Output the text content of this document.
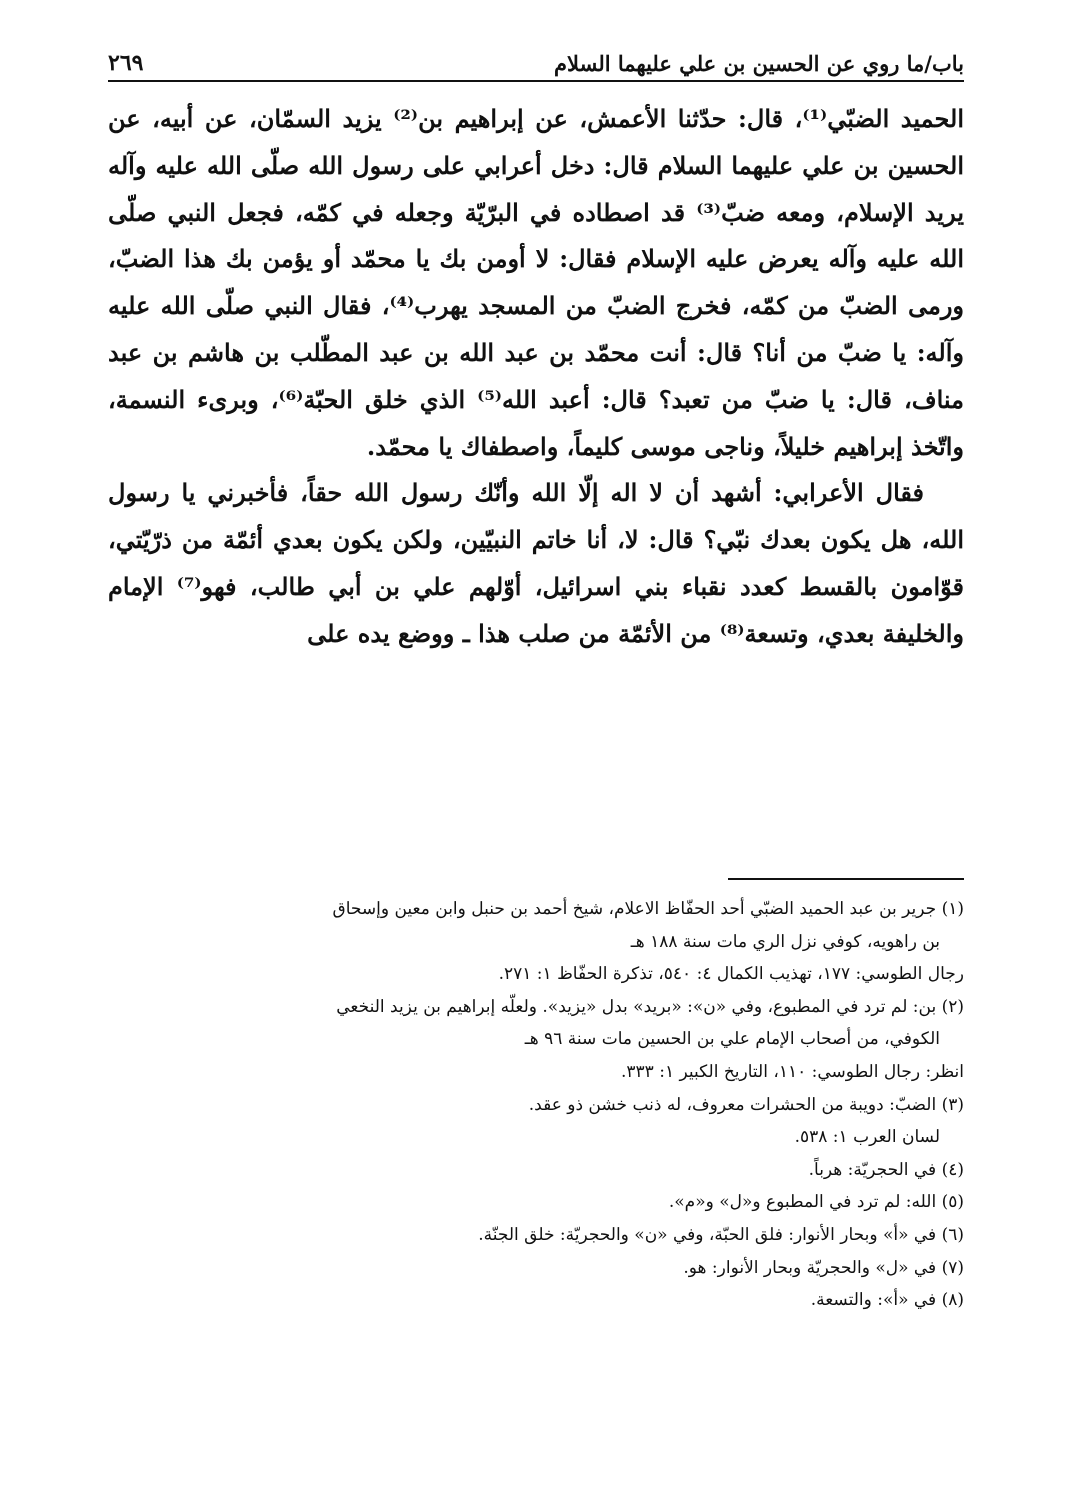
باب/ما روي عن الحسين بن علي عليهما السلام
٢٦٩

الحميد الضبّي⁽¹⁾، قال: حدّثنا الأعمش، عن إبراهيم بن⁽²⁾ يزيد السمّان، عن أبيه، عن الحسين بن علي عليهما السلام قال: دخل أعرابي على رسول الله صلّى الله عليه وآله يريد الإسلام، ومعه ضبّ⁽³⁾ قد اصطاده في البرّيّة وجعله في كمّه، فجعل النبي صلّى الله عليه وآله يعرض عليه الإسلام فقال: لا أومن بك يا محمّد أو يؤمن بك هذا الضبّ، ورمى الضبّ من كمّه، فخرج الضبّ من المسجد يهرب⁽⁴⁾، فقال النبي صلّى الله عليه وآله: يا ضبّ من أنا؟ قال: أنت محمّد بن عبد الله بن عبد المطّلب بن هاشم بن عبد مناف، قال: يا ضبّ من تعبد؟ قال: أعبد الله⁽⁵⁾ الذي خلق الحبّة⁽⁶⁾، وبرىء النسمة، واتّخذ إبراهيم خليلاً، وناجى موسى كليماً، واصطفاك يا محمّد.

فقال الأعرابي: أشهد أن لا اله إلّا الله وأنّك رسول الله حقاً، فأخبرني يا رسول الله، هل يكون بعدك نبّي؟ قال: لا، أنا خاتم النبيّين، ولكن يكون بعدي أئمّة من ذرّيّتي، قوّامون بالقسط كعدد نقباء بني اسرائيل، أوّلهم علي بن أبي طالب، فهو⁽⁷⁾ الإمام والخليفة بعدي، وتسعة⁽⁸⁾ من الأئمّة من صلب هذا ـ ووضع يده على

(١) جرير بن عبد الحميد الضبّي أحد الحفّاظ الاعلام، شيخ أحمد بن حنبل وابن معين وإسحاق
بن راهويه، كوفي نزل الري مات سنة ١٨٨ هـ
رجال الطوسي: ١٧٧، تهذيب الكمال ٤: ٥٤٠، تذكرة الحفّاظ ١: ٢٧١.
(٢) بن: لم ترد في المطبوع، وفي «ن»: «بريد» بدل «يزيد». ولعلّه إبراهيم بن يزيد النخعي
الكوفي، من أصحاب الإمام علي بن الحسين مات سنة ٩٦ هـ
انظر: رجال الطوسي: ١١٠، التاريخ الكبير ١: ٣٣٣.
(٣) الضبّ: دويبة من الحشرات معروف، له ذنب خشن ذو عقد.
لسان العرب ١: ٥٣٨.
(٤) في الحجريّة: هرباً.
(٥) الله: لم ترد في المطبوع و«ل» و«م».
(٦) في «أ» وبحار الأنوار: فلق الحبّة، وفي «ن» والحجريّة: خلق الجنّة.
(٧) في «ل» والحجريّة وبحار الأنوار: هو.
(٨) في «أ»: والتسعة.
